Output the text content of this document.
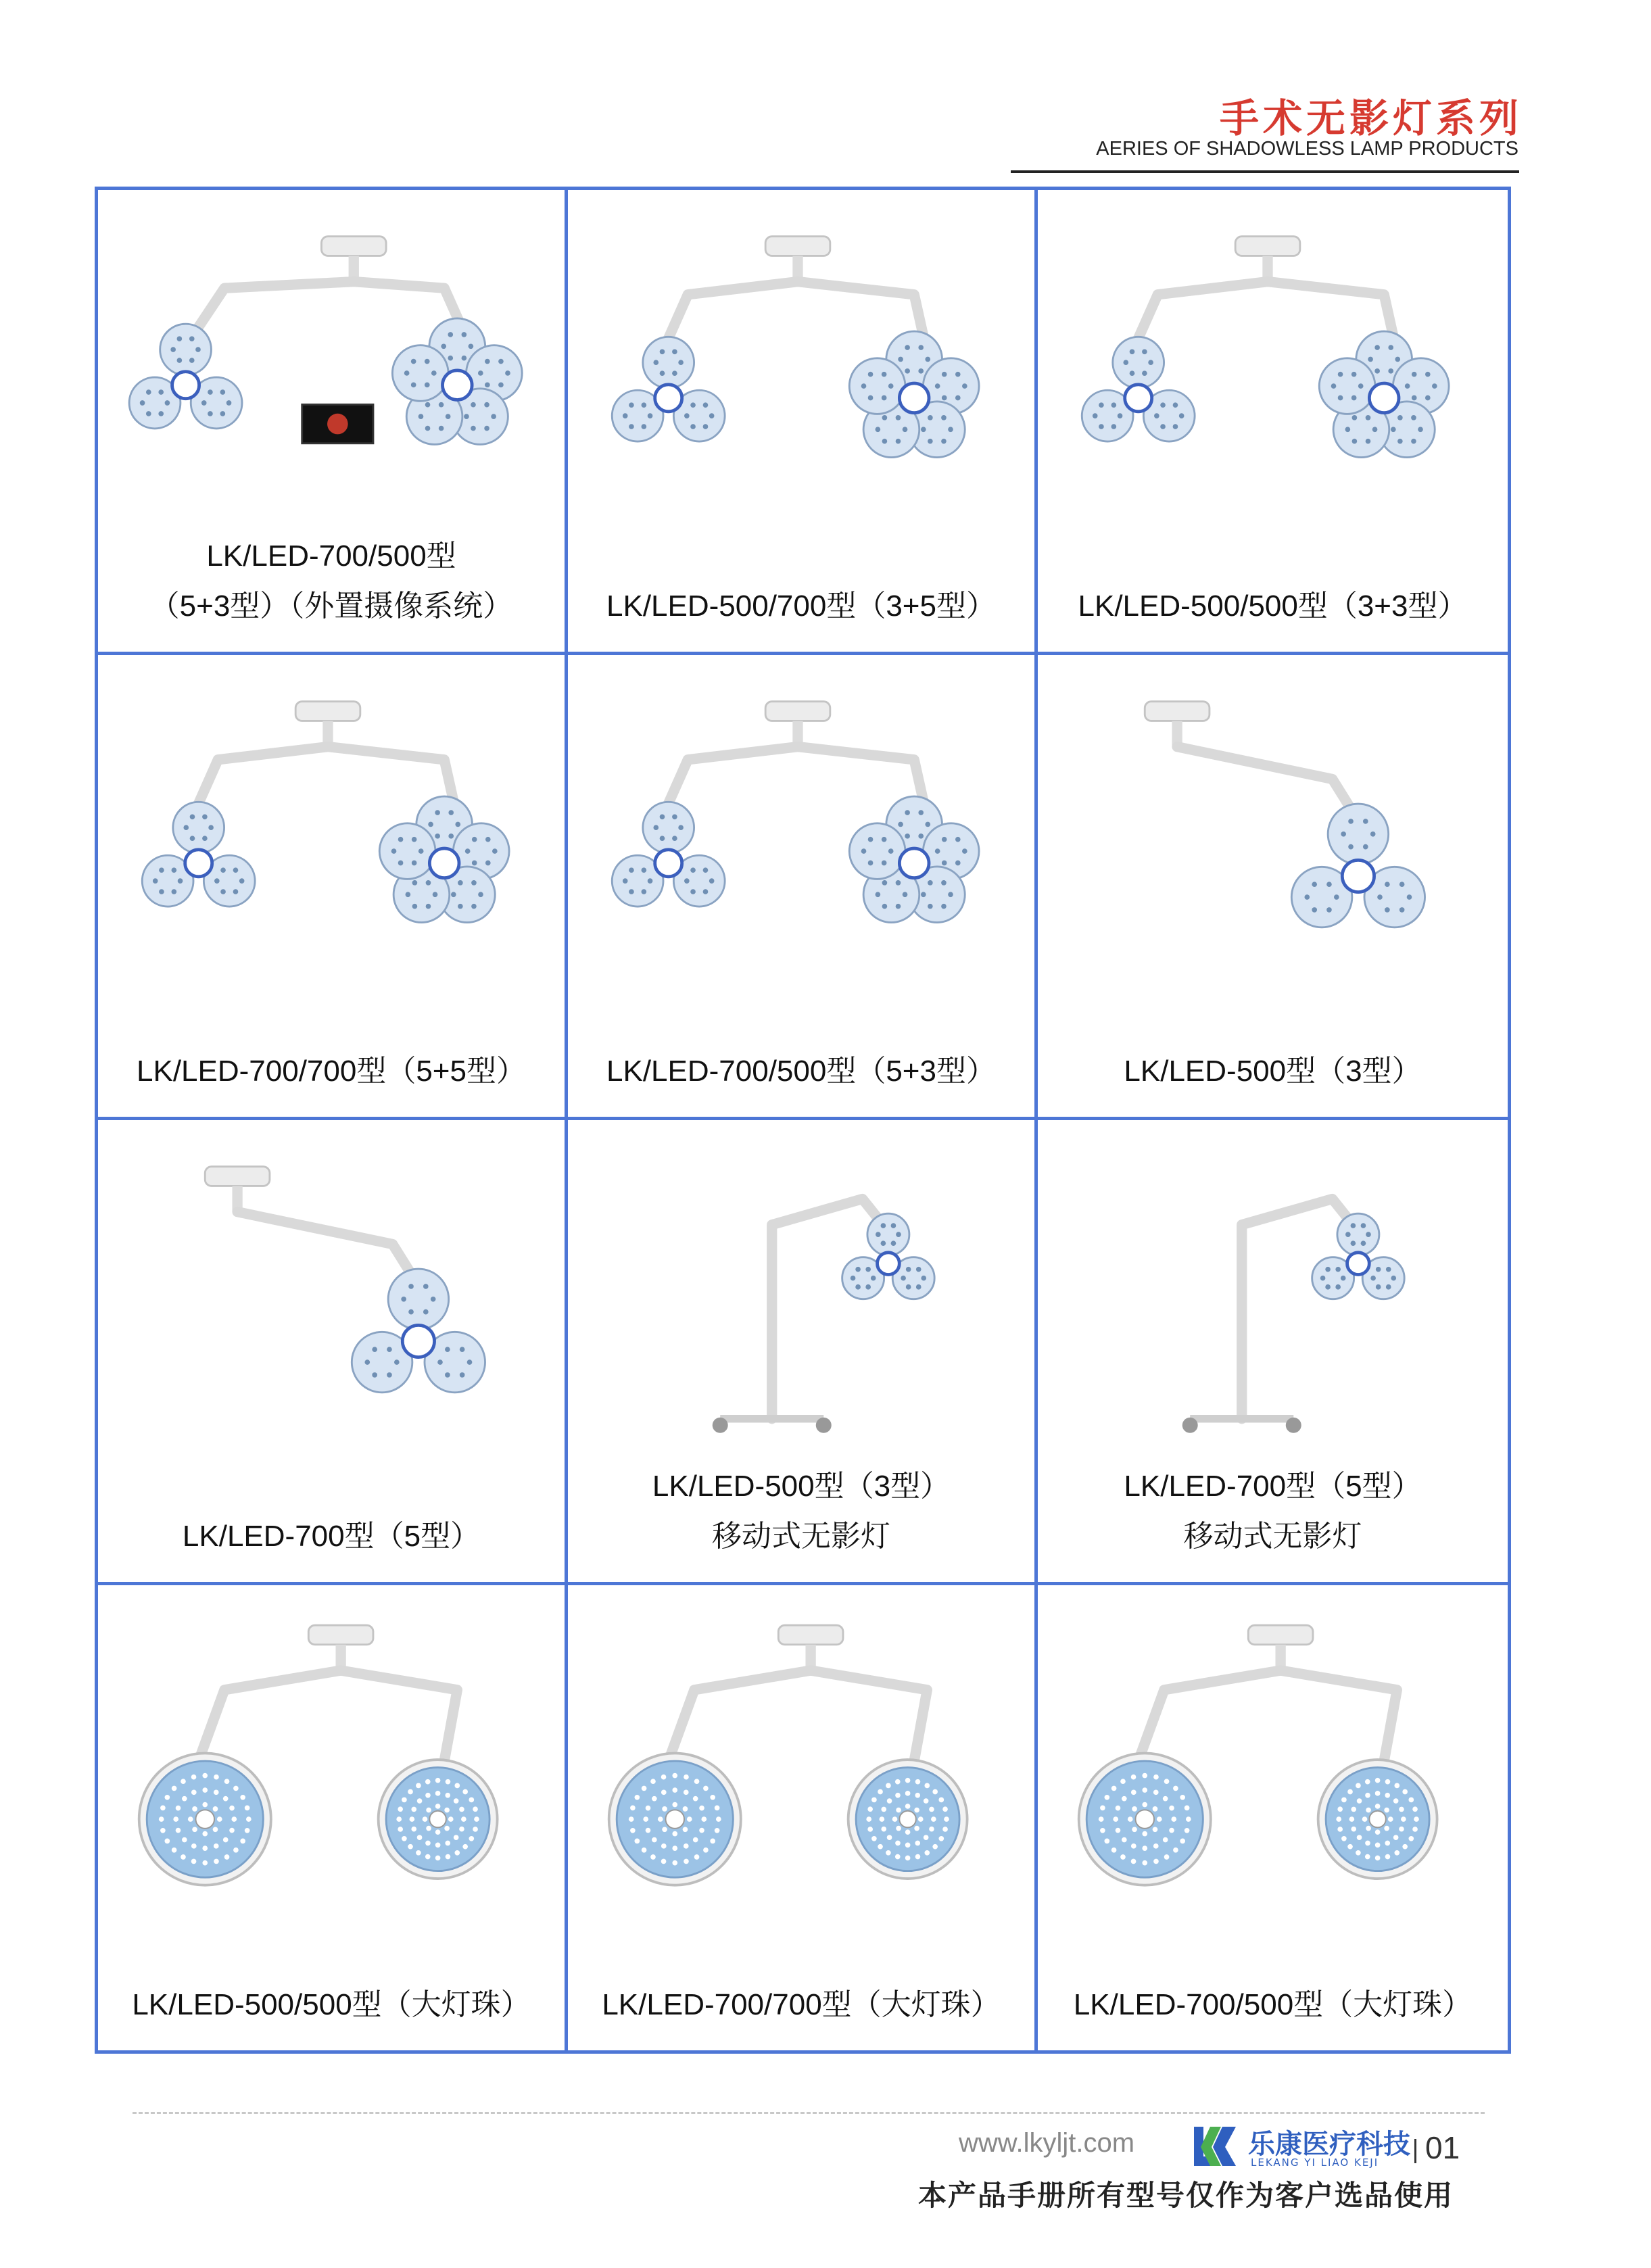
手术无影灯系列
AERIES OF SHADOWLESS LAMP PRODUCTS
LK/LED-700/500型
（5+3型）（外置摄像系统）	LK/LED-500/700型（3+5型）	LK/LED-500/500型（3+3型）
LK/LED-700/700型（5+5型）	LK/LED-700/500型（5+3型）	LK/LED-500型（3型）
LK/LED-700型（5型）
LK/LED-500型（3型）
移动式无影灯
LK/LED-700型（5型）
移动式无影灯
LK/LED-500/500型（大灯珠）	LK/LED-700/700型（大灯珠）	LK/LED-700/500型（大灯珠）
www.lkyljt.com	乐康医疗科技
LEKANG YI LIAO KEJI 01
本产品手册所有型号仅作为客户选品使用
